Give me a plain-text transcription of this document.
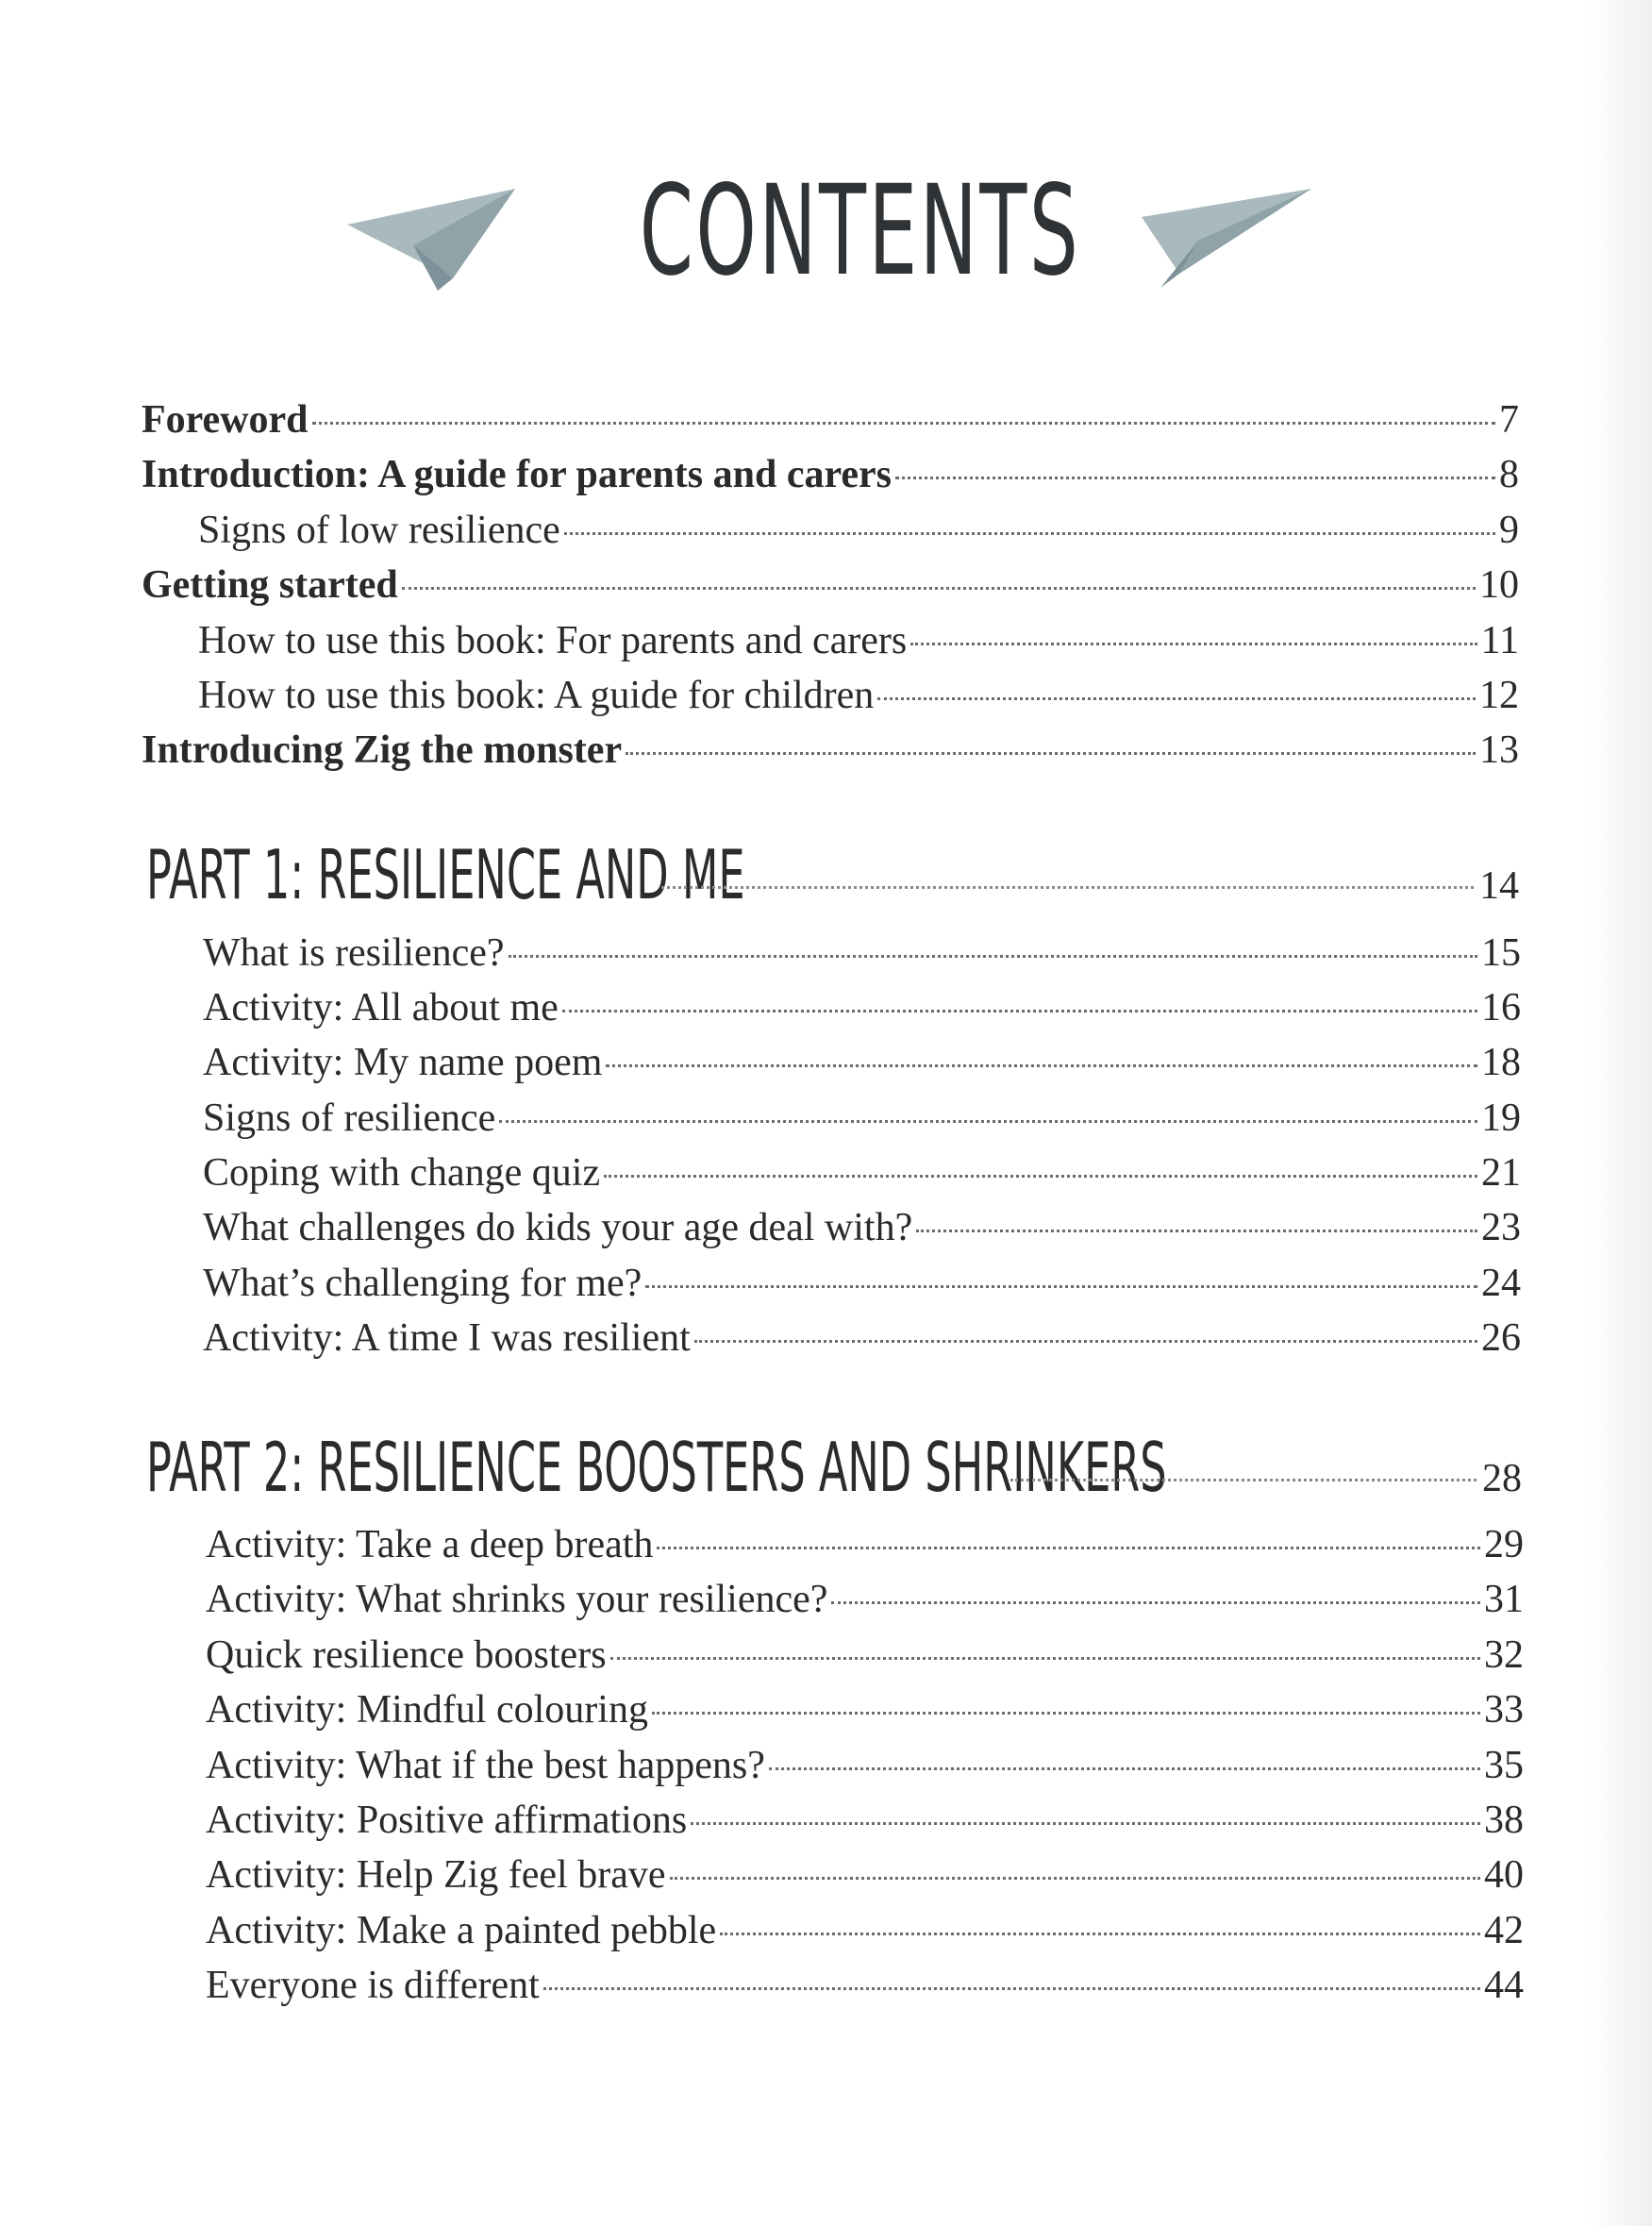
CONTENTS
Foreword	7
Introduction: A guide for parents and carers	8
Signs of low resilience	9
Getting started	10
How to use this book: For parents and carers	11
How to use this book: A guide for children	12
Introducing Zig the monster	13
PART 1: RESILIENCE AND ME	14
What is resilience?	15
Activity: All about me	16
Activity: My name poem	18
Signs of resilience	19
Coping with change quiz	21
What challenges do kids your age deal with?	23
What’s challenging for me?	24
Activity: A time I was resilient	26
PART 2: RESILIENCE BOOSTERS AND SHRINKERS	28
Activity: Take a deep breath	29
Activity: What shrinks your resilience?	31
Quick resilience boosters	32
Activity: Mindful colouring	33
Activity: What if the best happens?	35
Activity: Positive affirmations	38
Activity: Help Zig feel brave	40
Activity: Make a painted pebble	42
Everyone is different	44
